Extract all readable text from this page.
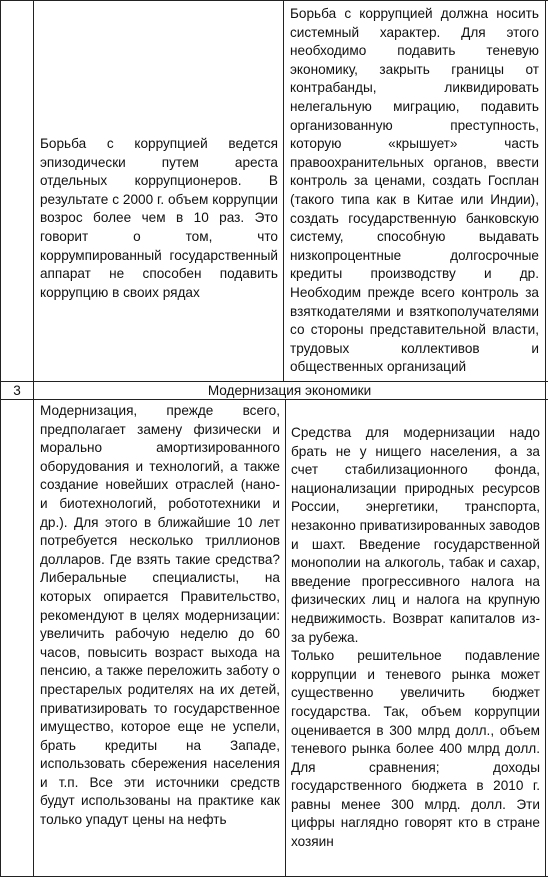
Борьба с коррупцией ведется эпизодически путем ареста отдельных коррупционеров. В результате с 2000 г. объем коррупции возрос более чем в 10 раз. Это говорит о том, что коррумпированный государственный аппарат не способен подавить коррупцию в своих рядах

Борьба с коррупцией должна носить системный характер. Для этого необходимо подавить теневую экономику, закрыть границы от контрабанды, ликвидировать нелегальную миграцию, подавить организованную преступность, которую «крышует» часть правоохранительных органов, ввести контроль за ценами, создать Госплан (такого типа как в Китае или Индии), создать государственную банковскую систему, способную выдавать низкопроцентные долгосрочные кредиты производству и др. Необходим прежде всего контроль за взяткодателями и взяткополучателями со стороны представительной власти, трудовых коллективов и общественных организаций

3	Модернизация экономики

Модернизация, прежде всего, предполагает замену физически и морально амортизированного оборудования и технологий, а также создание новейших отраслей (нано- и биотехнологий, робототехники и др.). Для этого в ближайшие 10 лет потребуется несколько триллионов долларов. Где взять такие средства? Либеральные специалисты, на которых опирается Правительство, рекомендуют в целях модернизации: увеличить рабочую неделю до 60 часов, повысить возраст выхода на пенсию, а также переложить заботу о престарелых родителях на их детей, приватизировать то государственное имущество, которое еще не успели, брать кредиты на Западе, использовать сбережения населения и т.п. Все эти источники средств будут использованы на практике как только упадут цены на нефть

Средства для модернизации надо брать не у нищего населения, а за счет стабилизационного фонда, национализации природных ресурсов России, энергетики, транспорта, незаконно приватизированных заводов и шахт. Введение государственной монополии на алкоголь, табак и сахар, введение прогрессивного налога на физических лиц и налога на крупную недвижимость. Возврат капиталов из-за рубежа.

Только решительное подавление коррупции и теневого рынка может существенно увеличить бюджет государства. Так, объем коррупции оценивается в 300 млрд долл., объем теневого рынка более 400 млрд долл. Для сравнения; доходы государственного бюджета в 2010 г. равны менее 300 млрд. долл. Эти цифры наглядно говорят кто в стране хозяин
